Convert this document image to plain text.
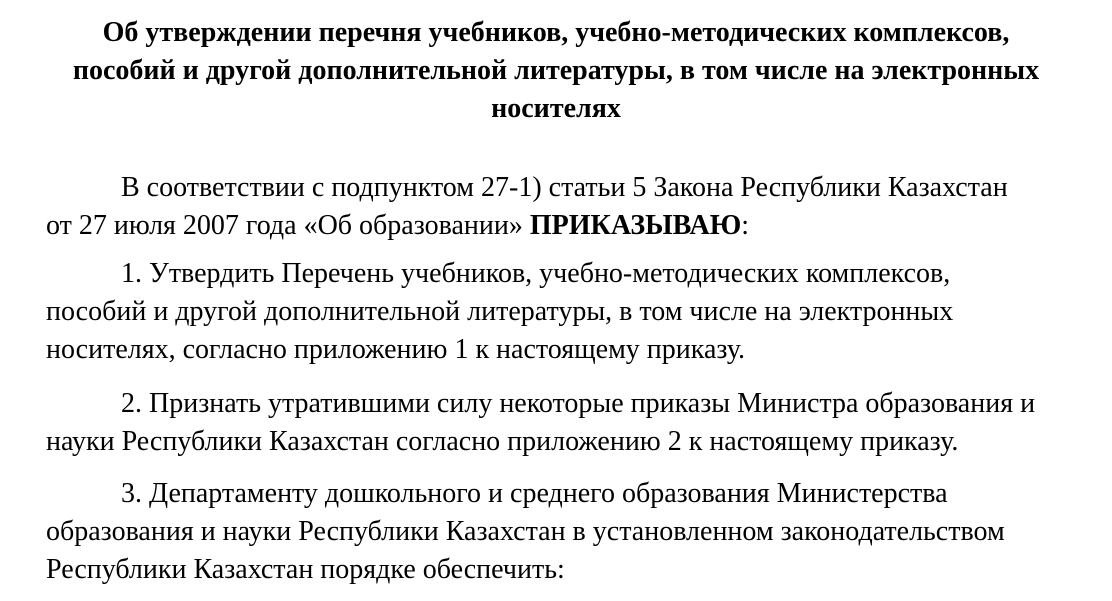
Об утверждении перечня учебников, учебно-методических комплексов,
пособий и другой дополнительной литературы, в том числе на электронных
носителях
В соответствии с подпунктом 27-1) статьи 5 Закона Республики Казахстан
от 27 июля 2007 года «Об образовании» ПРИКАЗЫВАЮ:
1. Утвердить Перечень учебников, учебно-методических комплексов,
пособий и другой дополнительной литературы, в том числе на электронных
носителях, согласно приложению 1 к настоящему приказу.
2. Признать утратившими силу некоторые приказы Министра образования и
науки Республики Казахстан согласно приложению 2 к настоящему приказу.
3. Департаменту дошкольного и среднего образования Министерства
образования и науки Республики Казахстан в установленном законодательством
Республики Казахстан порядке обеспечить:
